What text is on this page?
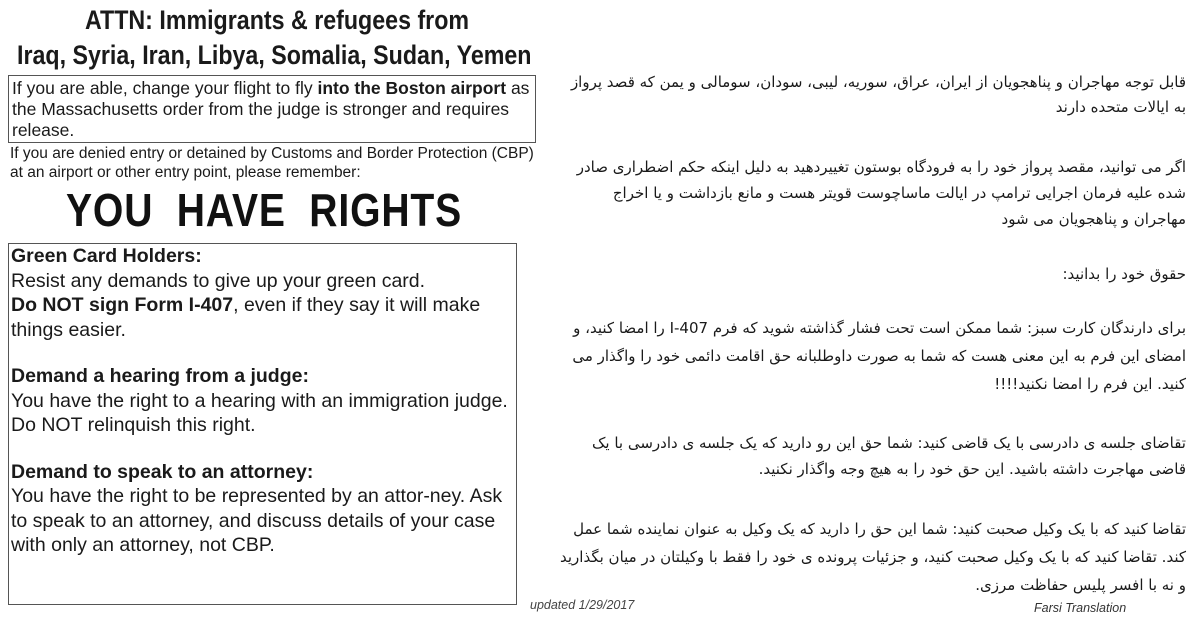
ATTN: Immigrants & refugees from
Iraq, Syria, Iran, Libya, Somalia, Sudan, Yemen
If you are able, change your flight to fly into the Boston airport as the Massachusetts order from the judge is stronger and requires release.
If you are denied entry or detained by Customs and Border Protection (CBP) at an airport or other entry point, please remember:
YOU  HAVE  RIGHTS
Green Card Holders:

Resist any demands to give up your green card.

Do NOT sign Form I-407, even if they say it will make things easier.

Demand a hearing from a judge:

You have the right to a hearing with an immigration judge. Do NOT relinquish this right.

Demand to speak to an attorney:

You have the right to be represented by an attor-ney. Ask to speak to an attorney, and discuss details of your case with only an attorney, not CBP.

updated 1/29/2017
قابل توجه مهاجران و پناهجویان از ایران، عراق، سوریه، لیبی، سودان، سومالی و یمن که قصد پرواز به ایالات متحده دارند
اگر می توانید، مقصد پرواز خود را به فرودگاه بوستون تغییردهید به دلیل اینکه حکم اضطراری صادر شده علیه فرمان اجرایی ترامپ در ایالت ماساچوست قویتر هست و مانع بازداشت و یا اخراج مهاجران و پناهجویان می شود
حقوق خود را بدانید:
برای دارندگان کارت سبز: شما ممکن است تحت فشار گذاشته شوید که فرم I-407 را امضا کنید، و امضای این فرم به این معنی هست که شما به صورت داوطلبانه حق اقامت دائمی خود را واگذار می کنید. این فرم را امضا نکنید!!!!
تقاضای جلسه ی دادرسی با یک قاضی کنید: شما حق این رو دارید که یک جلسه ی دادرسی با یک قاضی مهاجرت داشته باشید. این حق خود را به هیچ وجه واگذار نکنید.
تقاضا کنید که با یک وکیل صحبت کنید: شما این حق را دارید که یک وکیل به عنوان نماینده شما عمل کند. تقاضا کنید که با یک وکیل صحبت کنید، و جزئیات پرونده ی خود را فقط با وکیلتان در میان بگذارید و نه با افسر پلیس حفاظت مرزی.
Farsi Translation
